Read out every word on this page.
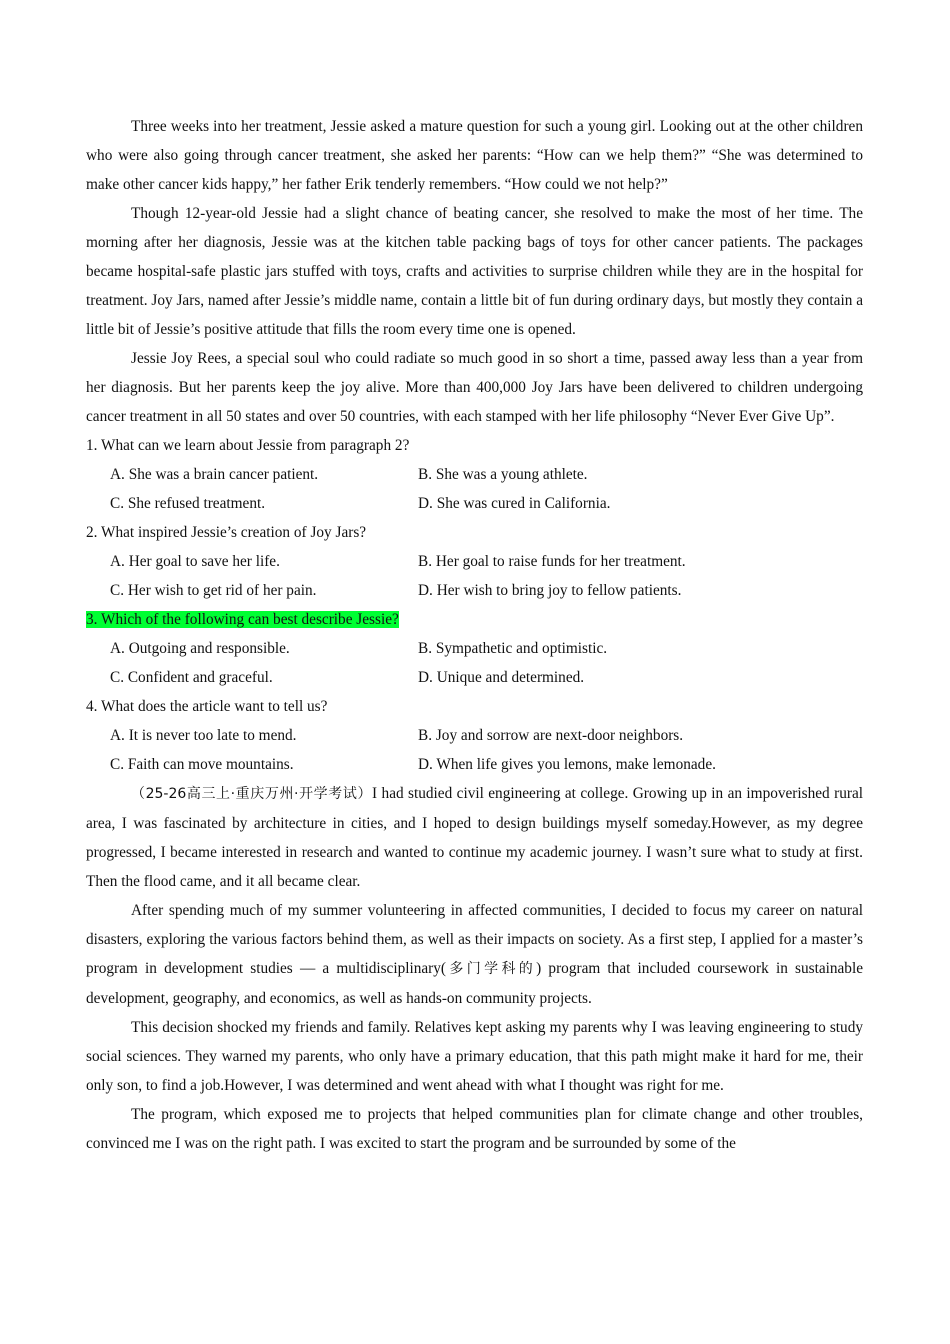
Three weeks into her treatment, Jessie asked a mature question for such a young girl. Looking out at the other children who were also going through cancer treatment, she asked her parents: “How can we help them?” “She was determined to make other cancer kids happy,” her father Erik tenderly remembers. “How could we not help?”

Though 12-year-old Jessie had a slight chance of beating cancer, she resolved to make the most of her time. The morning after her diagnosis, Jessie was at the kitchen table packing bags of toys for other cancer patients. The packages became hospital-safe plastic jars stuffed with toys, crafts and activities to surprise children while they are in the hospital for treatment. Joy Jars, named after Jessie’s middle name, contain a little bit of fun during ordinary days, but mostly they contain a little bit of Jessie’s positive attitude that fills the room every time one is opened.

Jessie Joy Rees, a special soul who could radiate so much good in so short a time, passed away less than a year from her diagnosis. But her parents keep the joy alive. More than 400,000 Joy Jars have been delivered to children undergoing cancer treatment in all 50 states and over 50 countries, with each stamped with her life philosophy “Never Ever Give Up”.

1. What can we learn about Jessie from paragraph 2?
A. She was a brain cancer patient.	B. She was a young athlete.
C. She refused treatment.	D. She was cured in California.
2. What inspired Jessie’s creation of Joy Jars?
A. Her goal to save her life.	B. Her goal to raise funds for her treatment.
C. Her wish to get rid of her pain.	D. Her wish to bring joy to fellow patients.
3. Which of the following can best describe Jessie?
A. Outgoing and responsible.	B. Sympathetic and optimistic.
C. Confident and graceful.	D. Unique and determined.
4. What does the article want to tell us?
A. It is never too late to mend.	B. Joy and sorrow are next-door neighbors.
C. Faith can move mountains.	D. When life gives you lemons, make lemonade.

（25-26高三上·重庆万州·开学考试）I had studied civil engineering at college. Growing up in an impoverished rural area, I was fascinated by architecture in cities, and I hoped to design buildings myself someday.However, as my degree progressed, I became interested in research and wanted to continue my academic journey. I wasn’t sure what to study at first. Then the flood came, and it all became clear.

After spending much of my summer volunteering in affected communities, I decided to focus my career on natural disasters, exploring the various factors behind them, as well as their impacts on society. As a first step, I applied for a master’s program in development studies — a multidisciplinary(多门学科的) program that included coursework in sustainable development, geography, and economics, as well as hands-on community projects.

This decision shocked my friends and family. Relatives kept asking my parents why I was leaving engineering to study social sciences. They warned my parents, who only have a primary education, that this path might make it hard for me, their only son, to find a job.However, I was determined and went ahead with what I thought was right for me.

The program, which exposed me to projects that helped communities plan for climate change and other troubles, convinced me I was on the right path. I was excited to start the program and be surrounded by some of the
